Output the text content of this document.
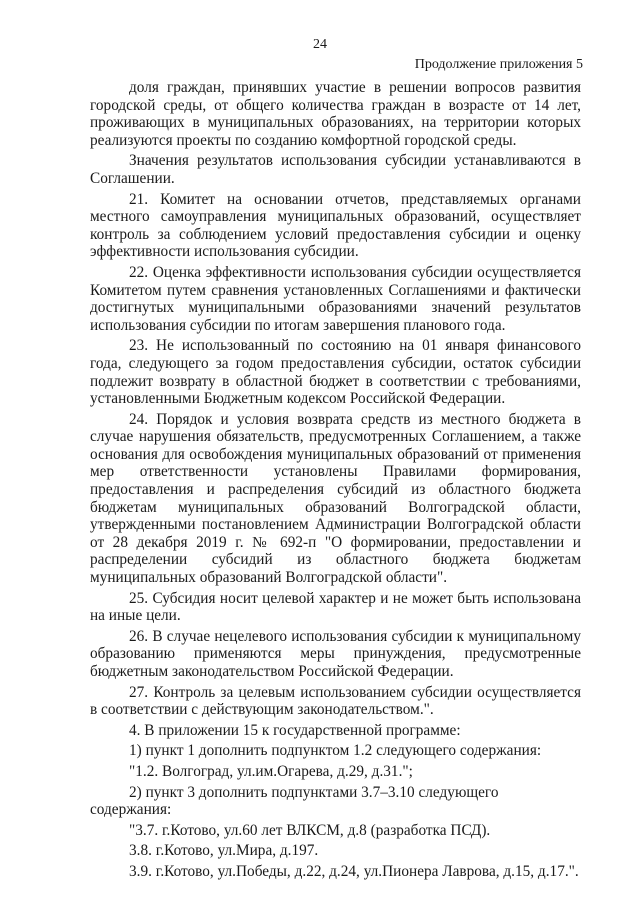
24
Продолжение приложения 5

доля граждан, принявших участие в решении вопросов развития городской среды, от общего количества граждан в возрасте от 14 лет, проживающих в муниципальных образованиях, на территории которых реализуются проекты по созданию комфортной городской среды.

Значения результатов использования субсидии устанавливаются в Соглашении.

21. Комитет на основании отчетов, представляемых органами местного самоуправления муниципальных образований, осуществляет контроль за соблюдением условий предоставления субсидии и оценку эффективности использования субсидии.

22. Оценка эффективности использования субсидии осуществляется Комитетом путем сравнения установленных Соглашениями и фактически достигнутых муниципальными образованиями значений результатов использования субсидии по итогам завершения планового года.

23. Не использованный по состоянию на 01 января финансового года, следующего за годом предоставления субсидии, остаток субсидии подлежит возврату в областной бюджет в соответствии с требованиями, установленными Бюджетным кодексом Российской Федерации.

24. Порядок и условия возврата средств из местного бюджета в случае нарушения обязательств, предусмотренных Соглашением, а также основания для освобождения муниципальных образований от применения мер ответственности установлены Правилами формирования, предоставления и распределения субсидий из областного бюджета бюджетам муниципальных образований Волгоградской области, утвержденными постановлением Администрации Волгоградской области от 28 декабря 2019 г. № 692-п "О формировании, предоставлении и распределении субсидий из областного бюджета бюджетам муниципальных образований Волгоградской области".

25. Субсидия носит целевой характер и не может быть использована на иные цели.

26. В случае нецелевого использования субсидии к муниципальному образованию применяются меры принуждения, предусмотренные бюджетным законодательством Российской Федерации.

27. Контроль за целевым использованием субсидии осуществляется в соответствии с действующим законодательством.".

4. В приложении 15 к государственной программе:

1) пункт 1 дополнить подпунктом 1.2 следующего содержания:

"1.2. Волгоград, ул.им.Огарева, д.29, д.31.";

2) пункт 3 дополнить подпунктами 3.7–3.10 следующего содержания:

"3.7. г.Котово, ул.60 лет ВЛКСМ, д.8 (разработка ПСД).

3.8. г.Котово, ул.Мира, д.197.

3.9. г.Котово, ул.Победы, д.22, д.24, ул.Пионера Лаврова, д.15, д.17.".
